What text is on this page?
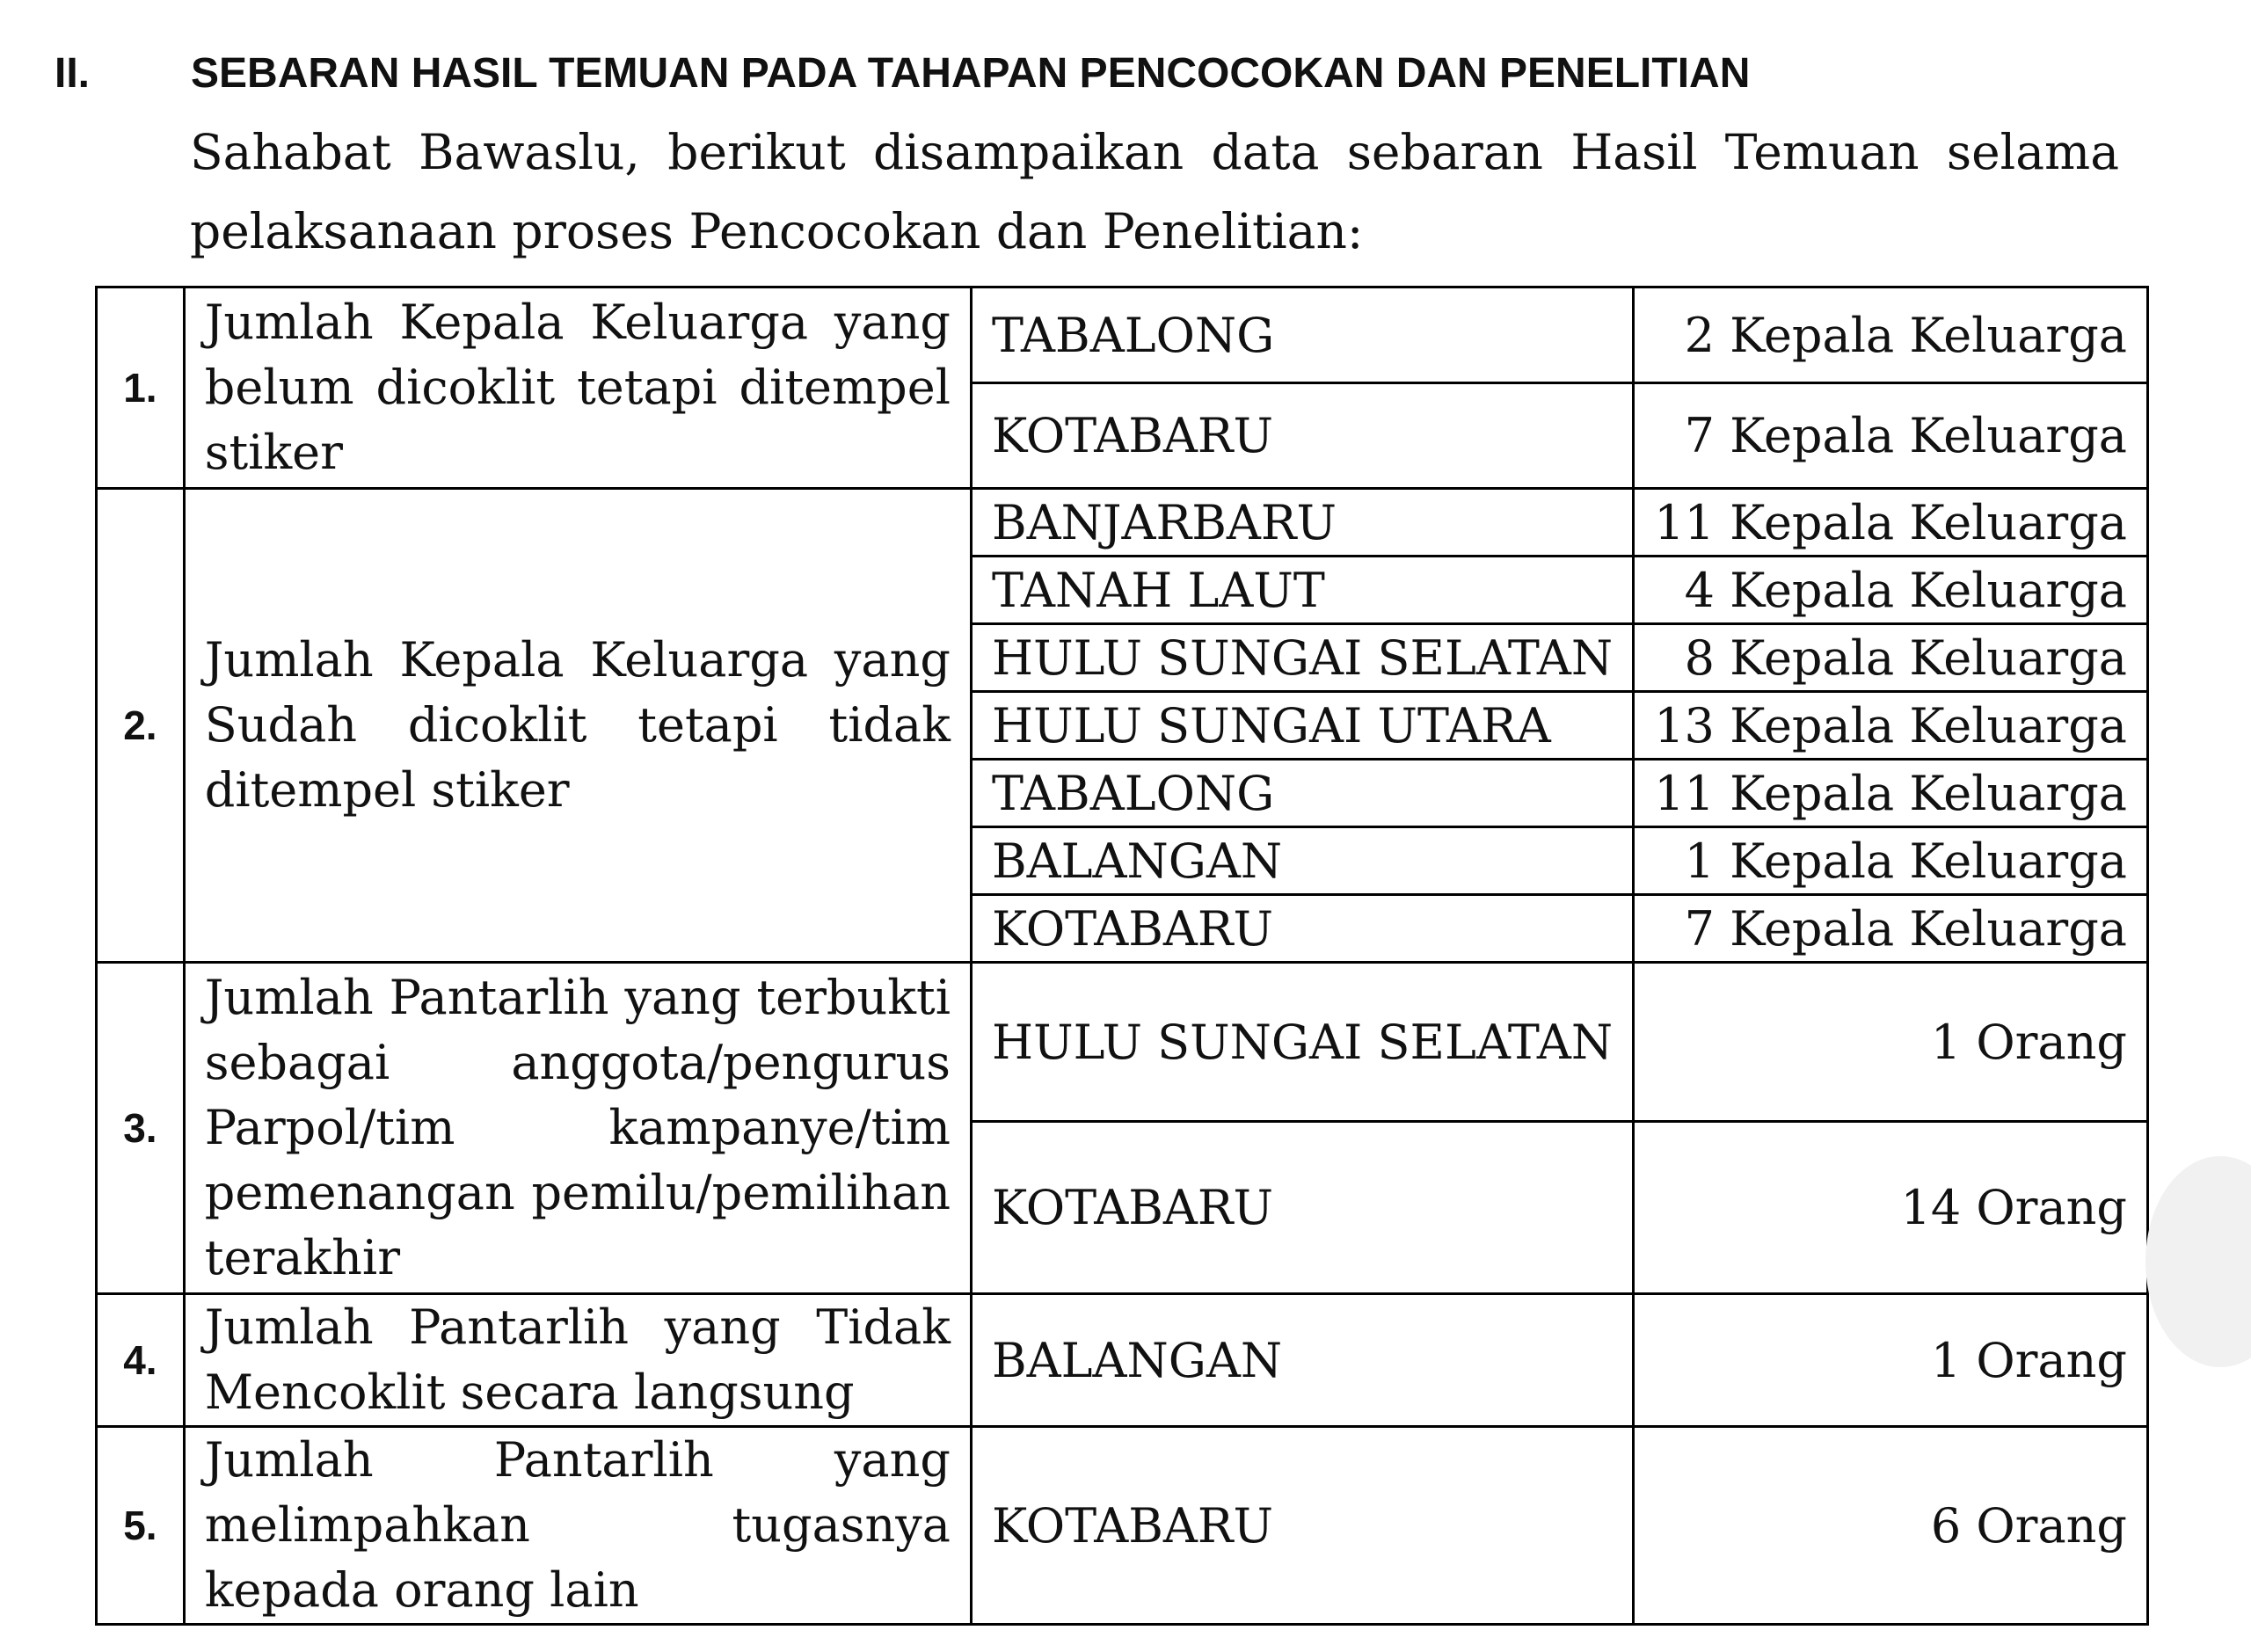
II. SEBARAN HASIL TEMUAN PADA TAHAPAN PENCOCOKAN DAN PENELITIAN
Sahabat Bawaslu, berikut disampaikan data sebaran Hasil Temuan selama pelaksanaan proses Pencocokan dan Penelitian:
1.	Jumlah Kepala Keluarga yang belum dicoklit tetapi ditempel stiker	TABALONG	2 Kepala Keluarga
		KOTABARU	7 Kepala Keluarga
2.	Jumlah Kepala Keluarga yang Sudah dicoklit tetapi tidak ditempel stiker	BANJARBARU	11 Kepala Keluarga
		TANAH LAUT	4 Kepala Keluarga
		HULU SUNGAI SELATAN	8 Kepala Keluarga
		HULU SUNGAI UTARA	13 Kepala Keluarga
		TABALONG	11 Kepala Keluarga
		BALANGAN	1 Kepala Keluarga
		KOTABARU	7 Kepala Keluarga
3.	Jumlah Pantarlih yang terbukti sebagai anggota/pengurus Parpol/tim kampanye/tim pemenangan pemilu/pemilihan terakhir	HULU SUNGAI SELATAN	1 Orang
		KOTABARU	14 Orang
4.	Jumlah Pantarlih yang Tidak Mencoklit secara langsung	BALANGAN	1 Orang
5.	Jumlah Pantarlih yang melimpahkan tugasnya kepada orang lain	KOTABARU	6 Orang
